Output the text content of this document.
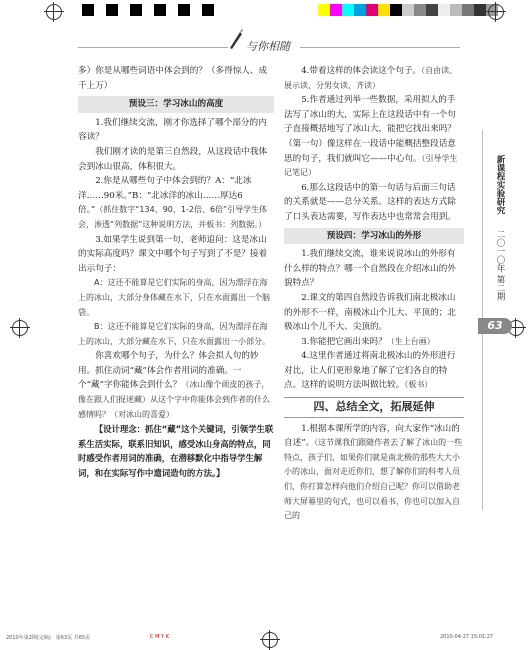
与你相随

多）你是从哪些词语中体会到的？（多得惊人、成千上万）

预设三：学习冰山的高度

1.我们继续交流，刚才你选择了哪个部分的内容读？

我们刚才读的是第三自然段，从这段话中我体会到冰山很高，体积很大。

2.你是从哪些句子中体会到的？A：“北冰洋……90米。”B：“北冰洋的冰山……厚达6倍。”（抓住数字“134、90、1-2倍、6倍”引导学生体会，渗透“列数据”这种说明方法，并板书：列数据。）

3.如果学生说到第一句，老师追问：这是冰山的实际高度吗？课文中哪个句子写到了不是？接着出示句子：

A：这还不能算是它们实际的身高，因为漂浮在海上的冰山，大部分身体藏在水下，只在水面露出一个脑袋。

B：这还不能算是它们实际的身高，因为漂浮在海上的冰山，大部分藏在水下，只在水面露出一小部分。

你喜欢哪个句子，为什么？体会拟人句的妙用。抓住动词“藏”体会作者用词的准确。一个“藏”字你能体会到什么？（冰山像个顽皮的孩子，像在跟人们捉迷藏）从这个字中你能体会到作者的什么感情吗？（对冰山的喜爱）

【设计理念：抓住“藏”这个关键词，引领学生联系生活实际，联系旧知识，感受冰山身高的特点，同时感受作者用词的准确，在潜移默化中指导学生解词，和在实际写作中遣词造句的方法。】

4.带着这样的体会读这个句子。（自由读、展示读、分男女读、齐读）

5.作者通过列举一些数据，采用拟人的手法写了冰山的大，实际上在这段话中有一个句子直接概括地写了冰山大，能把它找出来吗？（第一句）像这样在一段话中能概括整段话意思的句子，我们就叫它——中心句。（引导学生记笔记）

6.那么这段话中的第一句话与后面三句话的关系就是——总分关系。这样的表达方式除了口头表达需要，写作表达中也常常会用到。

预设四：学习冰山的外形

1.我们继续交流，谁来说说冰山的外形有什么样的特点？哪一个自然段在介绍冰山的外貌特点？

2.课文的第四自然段告诉我们南北极冰山的外形不一样，南极冰山个儿大、平顶的；北极冰山个儿不大、尖顶的。

3.你能把它画出来吗？（生上台画）

4.这里作者通过将南北极冰山的外形进行对比，让人们更形象地了解了它们各自的特点。这样的说明方法叫做比较。（板书）

四、总结全文，拓展延伸

1.根据本课所学的内容，向大家作“冰山的自述”。（这节课我们跟随作者去了解了冰山的一些特点，孩子们，如果你们就是南北极的那些大大小小的冰山，面对走近你们，想了解你们的科考人员们，你打算怎样向他们介绍自己呢？你可以借助老师大屏幕里的句式，也可以看书，你也可以加入自己的

新课程实验研究
二〇一〇年 第二期
63
2010年第2期(定稿)　第63页 共65页	C M Y K	2010-04-27 15:01:27
